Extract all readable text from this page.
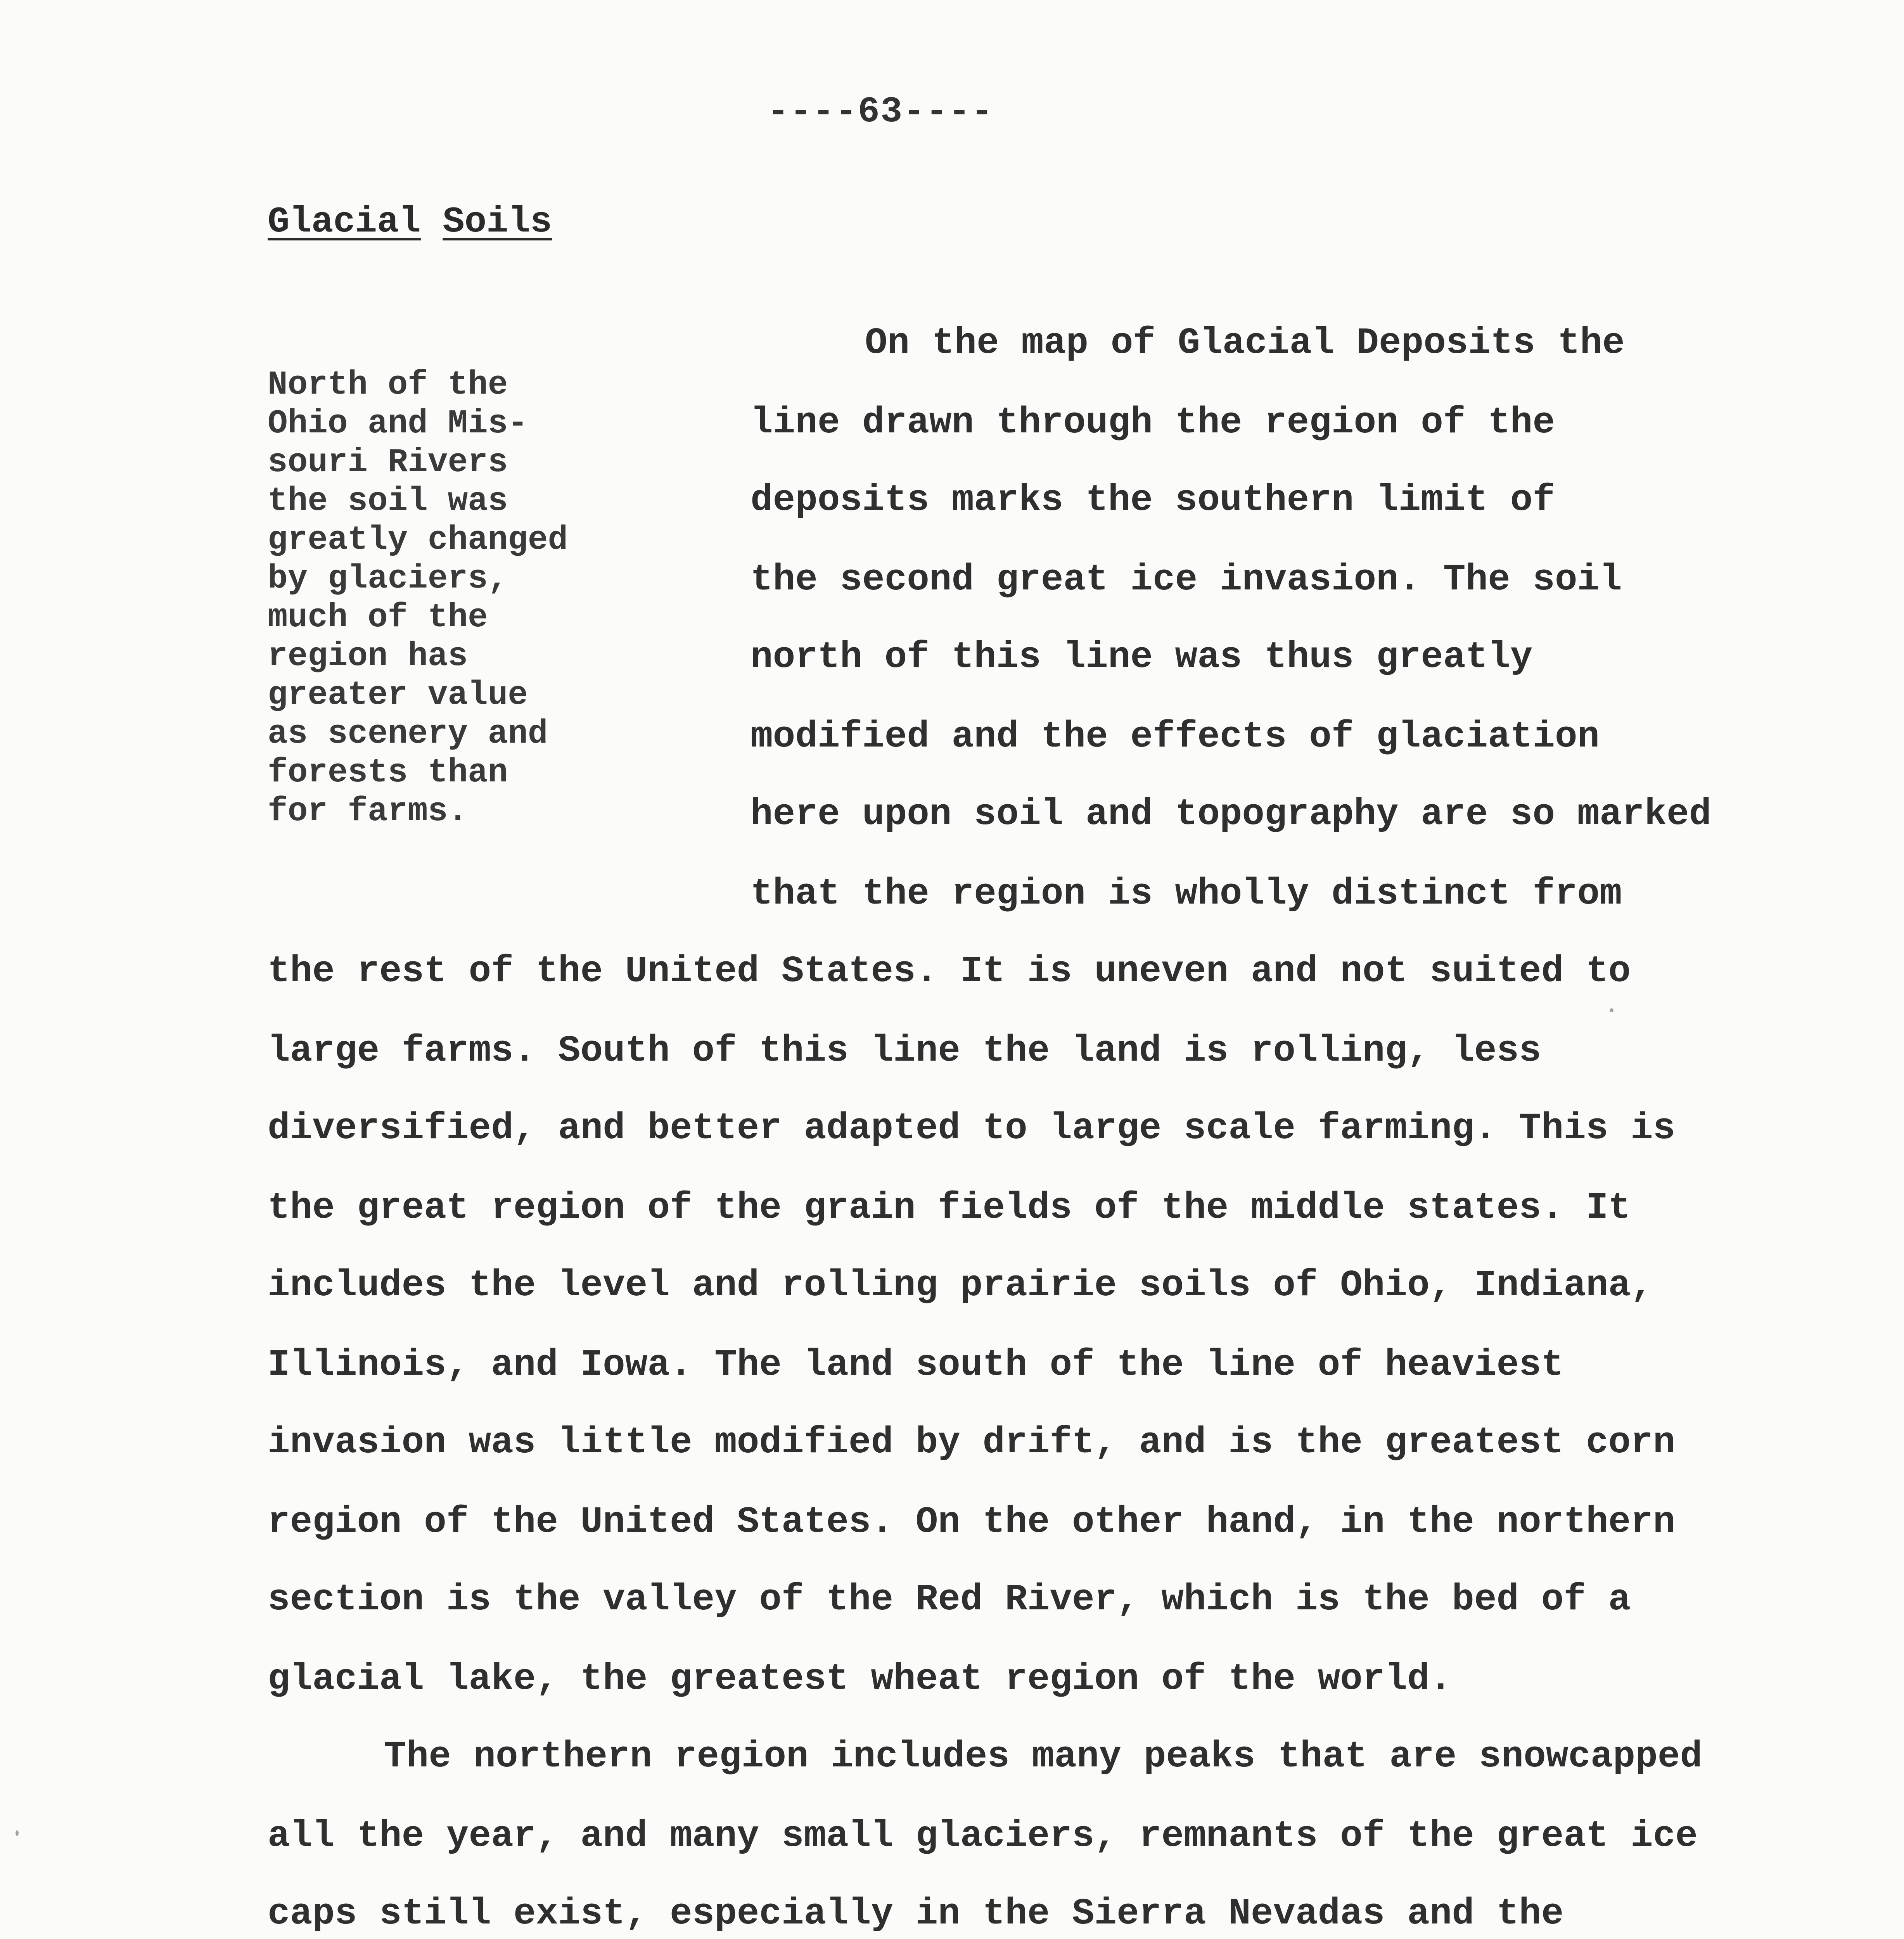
----63----
Glacial Soils
North of the
Ohio and Mis-
souri Rivers
the soil was
greatly changed
by glaciers,
much of the
region has
greater value
as scenery and
forests than
for farms.
On the map of Glacial Deposits the
line drawn through the region of the
deposits marks the southern limit of
the second great ice invasion. The soil
north of this line was thus greatly
modified and the effects of glaciation
here upon soil and topography are so marked
that the region is wholly distinct from
the rest of the United States. It is uneven and not suited to
large farms. South of this line the land is rolling, less
diversified, and better adapted to large scale farming. This is
the great region of the grain fields of the middle states. It
includes the level and rolling prairie soils of Ohio, Indiana,
Illinois, and Iowa. The land south of the line of heaviest
invasion was little modified by drift, and is the greatest corn
region of the United States. On the other hand, in the northern
section is the valley of the Red River, which is the bed of a
glacial lake, the greatest wheat region of the world.
The northern region includes many peaks that are snowcapped
all the year, and many small glaciers, remnants of the great ice
caps still exist, especially in the Sierra Nevadas and the
